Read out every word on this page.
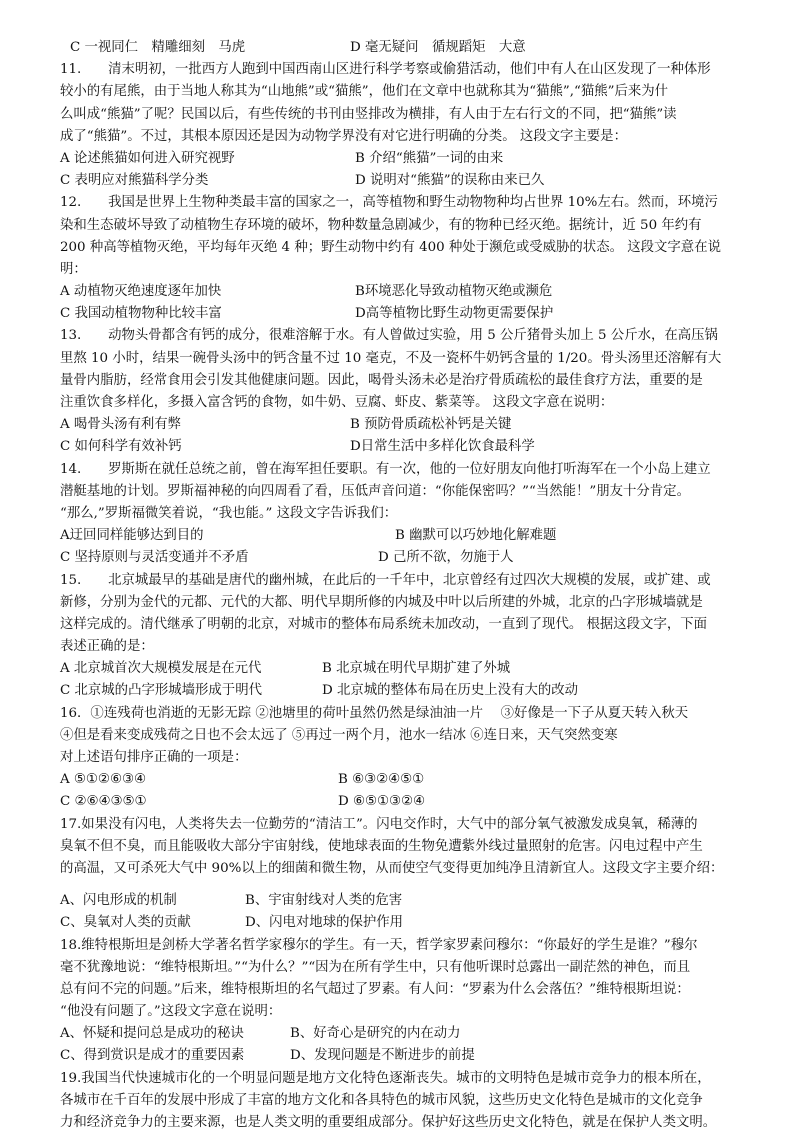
C 一视同仁　精雕细刻　马虎	D 毫无疑问　循规蹈矩　大意
11.　　清末明初，一批西方人跑到中国西南山区进行科学考察或偷猎活动，他们中有人在山区发现了一种体形
较小的有尾熊，由于当地人称其为“山地熊”或“猫熊”，他们在文章中也就称其为“猫熊”,“猫熊”后来为什
么叫成“熊猫”了呢？民国以后，有些传统的书刊由竖排改为横排，有人由于左右行文的不同，把“猫熊”读
成了“熊猫”。不过，其根本原因还是因为动物学界没有对它进行明确的分类。 这段文字主要是：
A 论述熊猫如何进入研究视野	B 介绍“熊猫”一词的由来
C 表明应对熊猫科学分类	D 说明对“熊猫”的误称由来已久
12.　　我国是世界上生物种类最丰富的国家之一，高等植物和野生动物物种均占世界 10%左右。然而，环境污
染和生态破坏导致了动植物生存环境的破坏，物种数量急剧减少，有的物种已经灭绝。据统计，近 50 年约有
200 种高等植物灭绝，平均每年灭绝 4 种；野生动物中约有 400 种处于濒危或受威胁的状态。 这段文字意在说
明：
A 动植物灭绝速度逐年加快	B环境恶化导致动植物灭绝或濒危
C 我国动植物物种比较丰富	D高等植物比野生动物更需要保护
13.　　动物头骨都含有钙的成分，很难溶解于水。有人曾做过实验，用 5 公斤猪骨头加上 5 公斤水，在高压锅
里熬 10 小时，结果一碗骨头汤中的钙含量不过 10 毫克，不及一瓷杯牛奶钙含量的 1/20。骨头汤里还溶解有大
量骨内脂肪，经常食用会引发其他健康问题。因此，喝骨头汤未必是治疗骨质疏松的最佳食疗方法，重要的是
注重饮食多样化，多摄入富含钙的食物，如牛奶、豆腐、虾皮、紫菜等。 这段文字意在说明：
A 喝骨头汤有利有弊	B 预防骨质疏松补钙是关键
C 如何科学有效补钙	D日常生活中多样化饮食最科学
14.　　罗斯斯在就任总统之前，曾在海军担任要职。有一次，他的一位好朋友向他打听海军在一个小岛上建立
潜艇基地的计划。罗斯福神秘的向四周看了看，压低声音问道：“你能保密吗？”“当然能！”朋友十分肯定。
“那么,”罗斯福微笑着说，“我也能。” 这段文字告诉我们：
A迂回同样能够达到目的	B 幽默可以巧妙地化解难题
C 坚持原则与灵活变通并不矛盾	D 己所不欲，勿施于人
15.　　北京城最早的基础是唐代的幽州城，在此后的一千年中，北京曾经有过四次大规模的发展，或扩建、或
新修，分别为金代的元都、元代的大都、明代早期所修的内城及中叶以后所建的外城，北京的凸字形城墙就是
这样完成的。清代继承了明朝的北京，对城市的整体布局系统未加改动，一直到了现代。 根据这段文字，下面
表述正确的是：
A 北京城首次大规模发展是在元代	B 北京城在明代早期扩建了外城
C 北京城的凸字形城墙形成于明代	D 北京城的整体布局在历史上没有大的改动
16．①连残荷也消逝的无影无踪 ②池塘里的荷叶虽然仍然是绿油油一片　 ③好像是一下子从夏天转入秋天
④但是看来变成残荷之日也不会太远了 ⑤再过一两个月，池水一结冰 ⑥连日来，天气突然变寒
对上述语句排序正确的一项是：
A ⑤①②⑥③④	B ⑥③②④⑤①
C ②⑥④③⑤①	D ⑥⑤①③②④
17.如果没有闪电，人类将失去一位勤劳的“清洁工”。闪电交作时，大气中的部分氧气被激发成臭氧，稀薄的
臭氧不但不臭，而且能吸收大部分宇宙射线，使地球表面的生物免遭紫外线过量照射的危害。闪电过程中产生
的高温，又可杀死大气中 90%以上的细菌和微生物，从而使空气变得更加纯净且清新宜人。这段文字主要介绍：
A、闪电形成的机制	B、宇宙射线对人类的危害
C、臭氧对人类的贡献	D、闪电对地球的保护作用
18.维特根斯坦是剑桥大学著名哲学家穆尔的学生。有一天，哲学家罗素问穆尔：“你最好的学生是谁？”穆尔
毫不犹豫地说：“维特根斯坦。”“为什么？”“因为在所有学生中，只有他听课时总露出一副茫然的神色，而且
总有问不完的问题。”后来，维特根斯坦的名气超过了罗素。有人问：“罗素为什么会落伍？”维特根斯坦说：
“他没有问题了。”这段文字意在说明：
A、怀疑和提问总是成功的秘诀	B、好奇心是研究的内在动力
C、得到赏识是成才的重要因素	D、发现问题是不断进步的前提
19.我国当代快速城市化的一个明显问题是地方文化特色逐渐丧失。城市的文明特色是城市竞争力的根本所在，
各城市在千百年的发展中形成了丰富的地方文化和各具特色的城市风貌，这些历史文化特色是城市的文化竞争
力和经济竞争力的主要来源，也是人类文明的重要组成部分。保护好这些历史文化特色，就是在保护人类文明。
